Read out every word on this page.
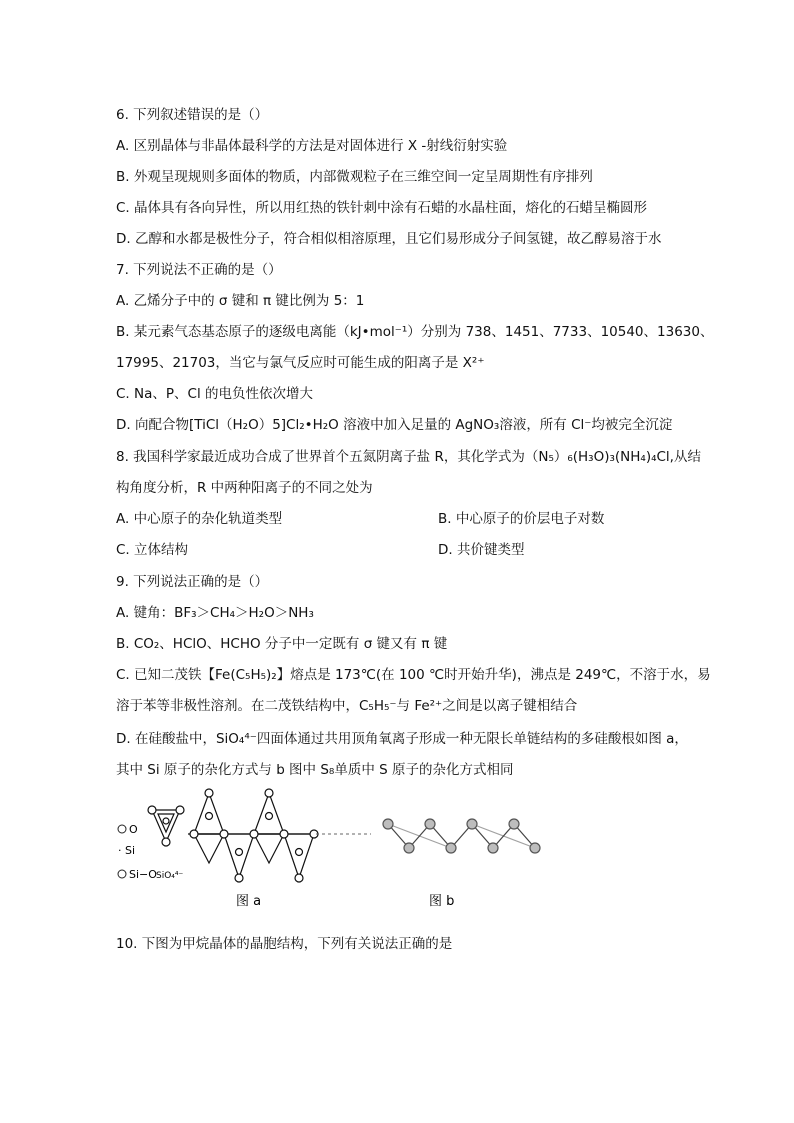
6. 下列叙述错误的是（）
A. 区别晶体与非晶体最科学的方法是对固体进行 X -射线衍射实验
B. 外观呈现规则多面体的物质，内部微观粒子在三维空间一定呈周期性有序排列
C. 晶体具有各向异性，所以用红热的铁针刺中涂有石蜡的水晶柱面，熔化的石蜡呈椭圆形
D. 乙醇和水都是极性分子，符合相似相溶原理，且它们易形成分子间氢键，故乙醇易溶于水
7. 下列说法不正确的是（）
A. 乙烯分子中的 σ 键和 π 键比例为 5：1
B. 某元素气态基态原子的逐级电离能（kJ•mol⁻¹）分别为 738、1451、7733、10540、13630、
17995、21703，当它与氯气反应时可能生成的阳离子是 X²⁺
C. Na、P、Cl 的电负性依次增大
D. 向配合物[TiCl（H₂O）5]Cl₂•H₂O 溶液中加入足量的 AgNO₃溶液，所有 Cl⁻均被完全沉淀
8. 我国科学家最近成功合成了世界首个五氮阴离子盐 R，其化学式为（N₅）₆(H₃O)₃(NH₄)₄Cl,从结
构角度分析，R 中两种阳离子的不同之处为
A. 中心原子的杂化轨道类型	B. 中心原子的价层电子对数
C. 立体结构	D. 共价键类型
9. 下列说法正确的是（）
A. 键角：BF₃＞CH₄＞H₂O＞NH₃
B. CO₂、HClO、HCHO 分子中一定既有 σ 键又有 π 键
C. 已知二茂铁【Fe(C₅H₅)₂】熔点是 173℃(在 100 ℃时开始升华)，沸点是 249℃，不溶于水，易
溶于苯等非极性溶剂。在二茂铁结构中，C₅H₅⁻与 Fe²⁺之间是以离子键相结合
D. 在硅酸盐中，SiO₄⁴⁻四面体通过共用顶角氧离子形成一种无限长单链结构的多硅酸根如图 a，
其中 Si 原子的杂化方式与 b 图中 S₈单质中 S 原子的杂化方式相同
O
· Si
Si−O SiO₄⁴⁻
图 a	图 b
10. 下图为甲烷晶体的晶胞结构，下列有关说法正确的是
